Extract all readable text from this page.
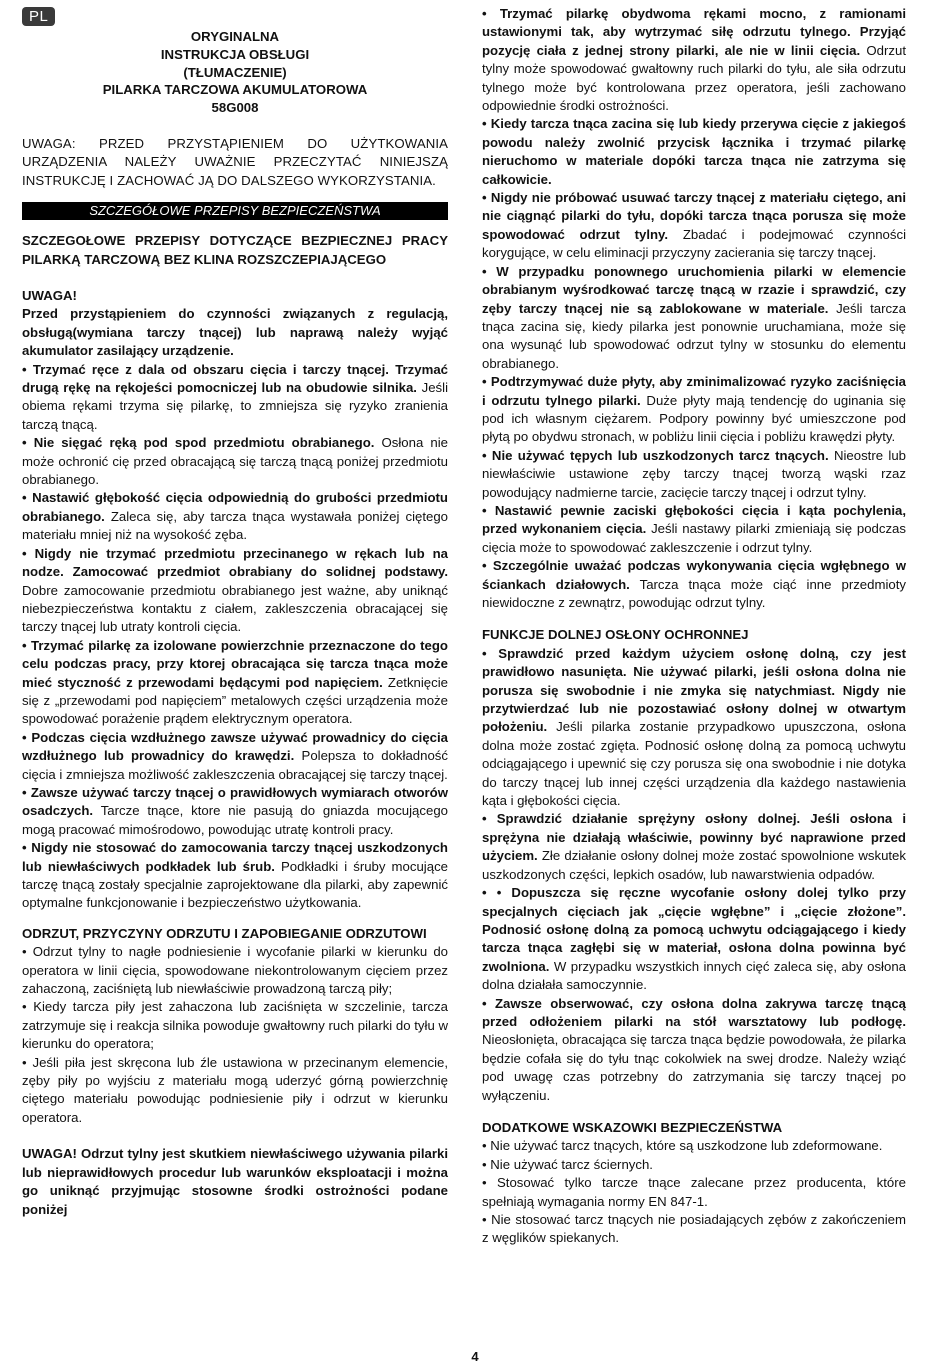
PL
ORYGINALNA
INSTRUKCJA OBSŁUGI
(TŁUMACZENIE)
PILARKA TARCZOWA AKUMULATOROWA
58G008

UWAGA: PRZED PRZYSTĄPIENIEM DO UŻYTKOWANIA URZĄDZENIA NALEŻY UWAŻNIE PRZECZYTAĆ NINIEJSZĄ INSTRUKCJĘ I ZACHOWAĆ JĄ DO DALSZEGO WYKORZYSTANIA.

SZCZEGÓŁOWE PRZEPISY BEZPIECZEŃSTWA

SZCZEGOŁOWE PRZEPISY DOTYCZĄCE BEZPIECZNEJ PRACY PILARKĄ TARCZOWĄ BEZ KLINA ROZSZCZEPIAJĄCEGO

UWAGA!

Przed przystąpieniem do czynności związanych z regulacją, obsługą(wymiana tarczy tnącej) lub naprawą należy wyjąć akumulator zasilający urządzenie.

• Trzymać ręce z dala od obszaru cięcia i tarczy tnącej. Trzymać drugą rękę na rękojeści pomocniczej lub na obudowie silnika. Jeśli obiema rękami trzyma się pilarkę, to zmniejsza się ryzyko zranienia tarczą tnącą.

• Nie sięgać ręką pod spod przedmiotu obrabianego. Osłona nie może ochronić cię przed obracającą się tarczą tnącą poniżej przedmiotu obrabianego.

• Nastawić głębokość cięcia odpowiednią do grubości przedmiotu obrabianego. Zaleca się, aby tarcza tnąca wystawała poniżej ciętego materiału mniej niż na wysokość zęba.

• Nigdy nie trzymać przedmiotu przecinanego w rękach lub na nodze. Zamocować przedmiot obrabiany do solidnej podstawy. Dobre zamocowanie przedmiotu obrabianego jest ważne, aby uniknąć niebezpieczeństwa kontaktu z ciałem, zakleszczenia obracającej się tarczy tnącej lub utraty kontroli cięcia.

• Trzymać pilarkę za izolowane powierzchnie przeznaczone do tego celu podczas pracy, przy ktorej obracająca się tarcza tnąca może mieć styczność z przewodami będącymi pod napięciem. Zetknięcie się z „przewodami pod napięciem” metalowych części urządzenia może spowodować porażenie prądem elektrycznym operatora.

• Podczas cięcia wzdłużnego zawsze używać prowadnicy do cięcia wzdłużnego lub prowadnicy do krawędzi. Polepsza to dokładność cięcia i zmniejsza możliwość zakleszczenia obracającej się tarczy tnącej.

• Zawsze używać tarczy tnącej o prawidłowych wymiarach otworów osadczych. Tarcze tnące, ktore nie pasują do gniazda mocującego mogą pracować mimośrodowo, powodując utratę kontroli pracy.

• Nigdy nie stosować do zamocowania tarczy tnącej uszkodzonych lub niewłaściwych podkładek lub śrub. Podkładki i śruby mocujące tarczę tnącą zostały specjalnie zaprojektowane dla pilarki, aby zapewnić optymalne funkcjonowanie i bezpieczeństwo użytkowania.

ODRZUT, PRZYCZYNY ODRZUTU I ZAPOBIEGANIE ODRZUTOWI

• Odrzut tylny to nagłe podniesienie i wycofanie pilarki w kierunku do operatora w linii cięcia, spowodowane niekontrolowanym cięciem przez zahaczoną, zaciśniętą lub niewłaściwie prowadzoną tarczą piły;

• Kiedy tarcza piły jest zahaczona lub zaciśnięta w szczelinie, tarcza zatrzymuje się i reakcja silnika powoduje gwałtowny ruch pilarki do tyłu w kierunku do operatora;

• Jeśli piła jest skręcona lub źle ustawiona w przecinanym elemencie, zęby piły po wyjściu z materiału mogą uderzyć górną powierzchnię ciętego materiału powodując podniesienie piły i odrzut w kierunku operatora.

UWAGA! Odrzut tylny jest skutkiem niewłaściwego używania pilarki lub nieprawidłowych procedur lub warunków eksploatacji i można go uniknąć przyjmując stosowne środki ostrożności podane poniżej

• Trzymać pilarkę obydwoma rękami mocno, z ramionami ustawionymi tak, aby wytrzymać siłę odrzutu tylnego. Przyjąć pozycję ciała z jednej strony pilarki, ale nie w linii cięcia. Odrzut tylny może spowodować gwałtowny ruch pilarki do tyłu, ale siła odrzutu tylnego może być kontrolowana przez operatora, jeśli zachowano odpowiednie środki ostrożności.

• Kiedy tarcza tnąca zacina się lub kiedy przerywa cięcie z jakiegoś powodu należy zwolnić przycisk łącznika i trzymać pilarkę nieruchomo w materiale dopóki tarcza tnąca nie zatrzyma się całkowicie.

• Nigdy nie próbować usuwać tarczy tnącej z materiału ciętego, ani nie ciągnąć pilarki do tyłu, dopóki tarcza tnąca porusza się może spowodować odrzut tylny. Zbadać i podejmować czynności korygujące, w celu eliminacji przyczyny zacierania się tarczy tnącej.

• W przypadku ponownego uruchomienia pilarki w elemencie obrabianym wyśrodkować tarczę tnącą w rzazie i sprawdzić, czy zęby tarczy tnącej nie są zablokowane w materiale. Jeśli tarcza tnąca zacina się, kiedy pilarka jest ponownie uruchamiana, może się ona wysunąć lub spowodować odrzut tylny w stosunku do elementu obrabianego.

• Podtrzymywać duże płyty, aby zminimalizować ryzyko zaciśnięcia i odrzutu tylnego pilarki. Duże płyty mają tendencję do uginania się pod ich własnym ciężarem. Podpory powinny być umieszczone pod płytą po obydwu stronach, w pobliżu linii cięcia i pobliżu krawędzi płyty.

• Nie używać tępych lub uszkodzonych tarcz tnących. Nieostre lub niewłaściwie ustawione zęby tarczy tnącej tworzą wąski rzaz powodujący nadmierne tarcie, zacięcie tarczy tnącej i odrzut tylny.

• Nastawić pewnie zaciski głębokości cięcia i kąta pochylenia, przed wykonaniem cięcia. Jeśli nastawy pilarki zmieniają się podczas cięcia może to spowodować zakleszczenie i odrzut tylny.

• Szczególnie uważać podczas wykonywania cięcia wgłębnego w ściankach działowych. Tarcza tnąca może ciąć inne przedmioty niewidoczne z zewnątrz, powodując odrzut tylny.

FUNKCJE DOLNEJ OSŁONY OCHRONNEJ

• Sprawdzić przed każdym użyciem osłonę dolną, czy jest prawidłowo nasunięta. Nie używać pilarki, jeśli osłona dolna nie porusza się swobodnie i nie zmyka się natychmiast. Nigdy nie przytwierdzać lub nie pozostawiać osłony dolnej w otwartym położeniu. Jeśli pilarka zostanie przypadkowo upuszczona, osłona dolna może zostać zgięta. Podnosić osłonę dolną za pomocą uchwytu odciągającego i upewnić się czy porusza się ona swobodnie i nie dotyka do tarczy tnącej lub innej części urządzenia dla każdego nastawienia kąta i głębokości cięcia.

• Sprawdzić działanie sprężyny osłony dolnej. Jeśli osłona i sprężyna nie działają właściwie, powinny być naprawione przed użyciem. Złe działanie osłony dolnej może zostać spowolnione wskutek uszkodzonych części, lepkich osadów, lub nawarstwienia odpadów.

• • Dopuszcza się ręczne wycofanie osłony dolej tylko przy specjalnych cięciach jak „cięcie wgłębne” i „cięcie złożone”. Podnosić osłonę dolną za pomocą uchwytu odciągającego i kiedy tarcza tnąca zagłębi się w materiał, osłona dolna powinna być zwolniona. W przypadku wszystkich innych cięć zaleca się, aby osłona dolna działała samoczynnie.

• Zawsze obserwować, czy osłona dolna zakrywa tarczę tnącą przed odłożeniem pilarki na stół warsztatowy lub podłogę. Nieosłonięta, obracająca się tarcza tnąca będzie powodowała, że pilarka będzie cofała się do tyłu tnąc cokolwiek na swej drodze. Należy wziąć pod uwagę czas potrzebny do zatrzymania się tarczy tnącej po wyłączeniu.

DODATKOWE WSKAZOWKI BEZPIECZEŃSTWA

• Nie używać tarcz tnących, które są uszkodzone lub zdeformowane.

• Nie używać tarcz ściernych.

• Stosować tylko tarcze tnące zalecane przez producenta, które spełniają wymagania normy EN 847-1.

• Nie stosować tarcz tnących nie posiadających zębów z zakończeniem z węglików spiekanych.

4
